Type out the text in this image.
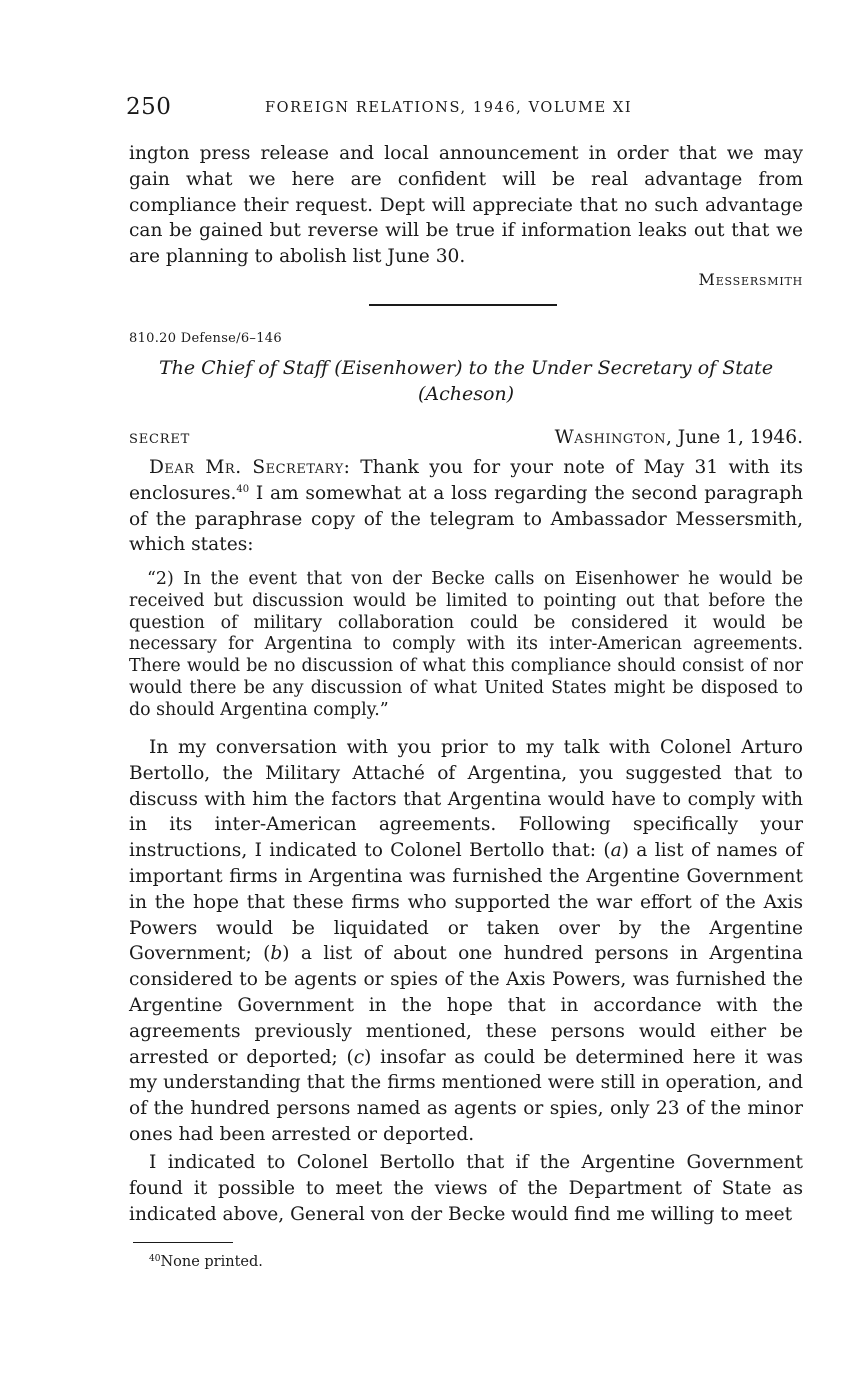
250	FOREIGN RELATIONS, 1946, VOLUME XI

ington press release and local announcement in order that we may gain what we here are confident will be real advantage from compliance their request. Dept will appreciate that no such advantage can be gained but reverse will be true if information leaks out that we are planning to abolish list June 30.

Messersmith
810.20 Defense/6–146
The Chief of Staff (Eisenhower) to the Under Secretary of State
(Acheson)
SECRET	Washington, June 1, 1946.

Dear Mr. Secretary: Thank you for your note of May 31 with its enclosures.$^{40}$ I am somewhat at a loss regarding the second paragraph of the paraphrase copy of the telegram to Ambassador Messersmith, which states:

“2) In the event that von der Becke calls on Eisenhower he would be received but discussion would be limited to pointing out that before the question of military collaboration could be considered it would be necessary for Argentina to comply with its inter-American agreements. There would be no discussion of what this compliance should consist of nor would there be any discussion of what United States might be disposed to do should Argentina comply.”

In my conversation with you prior to my talk with Colonel Arturo Bertollo, the Military Attaché of Argentina, you suggested that to discuss with him the factors that Argentina would have to comply with in its inter-American agreements. Following specifically your instructions, I indicated to Colonel Bertollo that: (a) a list of names of important firms in Argentina was furnished the Argentine Government in the hope that these firms who supported the war effort of the Axis Powers would be liquidated or taken over by the Argentine Government; (b) a list of about one hundred persons in Argentina considered to be agents or spies of the Axis Powers, was furnished the Argentine Government in the hope that in accordance with the agreements previously mentioned, these persons would either be arrested or deported; (c) insofar as could be determined here it was my understanding that the firms mentioned were still in operation, and of the hundred persons named as agents or spies, only 23 of the minor ones had been arrested or deported.

I indicated to Colonel Bertollo that if the Argentine Government found it possible to meet the views of the Department of State as indicated above, General von der Becke would find me willing to meet

$^{40}$None printed.
